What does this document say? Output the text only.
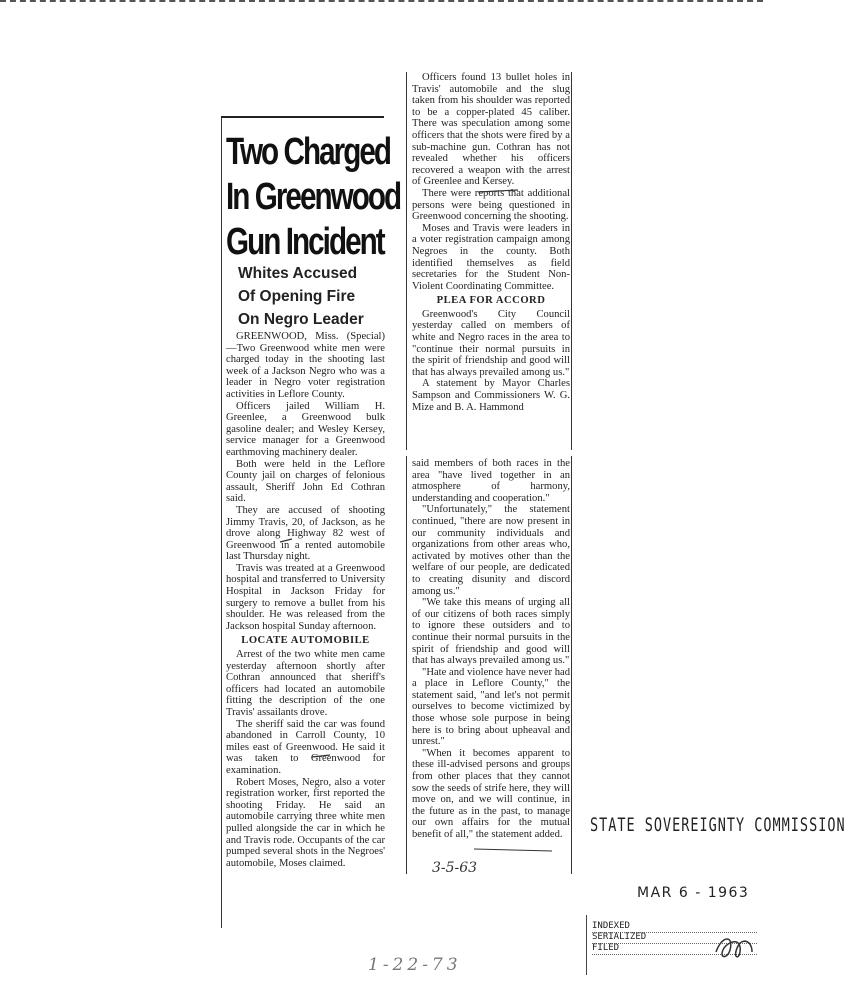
Two Charged
In Greenwood
Gun Incident
Whites Accused
Of Opening Fire
On Negro Leader

GREENWOOD, Miss. (Special) —Two Greenwood white men were charged today in the shooting last week of a Jackson Negro who was a leader in Negro voter registration activities in Leflore County.

Officers jailed William H. Greenlee, a Greenwood bulk gasoline dealer; and Wesley Kersey, service manager for a Greenwood earthmoving machinery dealer.

Both were held in the Leflore County jail on charges of felonious assault, Sheriff John Ed Cothran said.

They are accused of shooting Jimmy Travis, 20, of Jackson, as he drove along Highway 82 west of Greenwood in a rented automobile last Thursday night.

Travis was treated at a Greenwood hospital and transferred to University Hospital in Jackson Friday for surgery to remove a bullet from his shoulder. He was released from the Jackson hospital Sunday afternoon.

LOCATE AUTOMOBILE

Arrest of the two white men came yesterday afternoon shortly after Cothran announced that sheriff's officers had located an automobile fitting the description of the one Travis' assailants drove.

The sheriff said the car was found abandoned in Carroll County, 10 miles east of Greenwood. He said it was taken to Greenwood for examination.

Robert Moses, Negro, also a voter registration worker, first reported the shooting Friday. He said an automobile carrying three white men pulled alongside the car in which he and Travis rode. Occupants of the car pumped several shots in the Negroes' automobile, Moses claimed.

Officers found 13 bullet holes in Travis' automobile and the slug taken from his shoulder was reported to be a copper-plated 45 caliber. There was speculation among some officers that the shots were fired by a sub-machine gun. Cothran has not revealed whether his officers recovered a weapon with the arrest of Greenlee and Kersey.

There were reports that additional persons were being questioned in Greenwood concerning the shooting.

Moses and Travis were leaders in a voter registration campaign among Negroes in the county. Both identified themselves as field secretaries for the Student Non-Violent Coordinating Committee.

PLEA FOR ACCORD

Greenwood's City Council yesterday called on members of white and Negro races in the area to "continue their normal pursuits in the spirit of friendship and good will that has always prevailed among us."

A statement by Mayor Charles Sampson and Commissioners W. G. Mize and B. A. Hammond

said members of both races in the area "have lived together in an atmosphere of harmony, understanding and cooperation."

"Unfortunately," the statement continued, "there are now present in our community individuals and organizations from other areas who, activated by motives other than the welfare of our people, are dedicated to creating disunity and discord among us."

"We take this means of urging all of our citizens of both races simply to ignore these outsiders and to continue their normal pursuits in the spirit of friendship and good will that has always prevailed among us."

"Hate and violence have never had a place in Leflore County," the statement said, "and let's not permit ourselves to become victimized by those whose sole purpose in being here is to bring about upheaval and unrest."

"When it becomes apparent to these ill-advised persons and groups from other places that they cannot sow the seeds of strife here, they will move on, and we will continue, in the future as in the past, to manage our own affairs for the mutual benefit of all," the statement added.

3-5-63
1-22-73
STATE SOVEREIGNTY COMMISSION
MAR 6 - 1963
INDEXED
SERIALIZED
FILED
